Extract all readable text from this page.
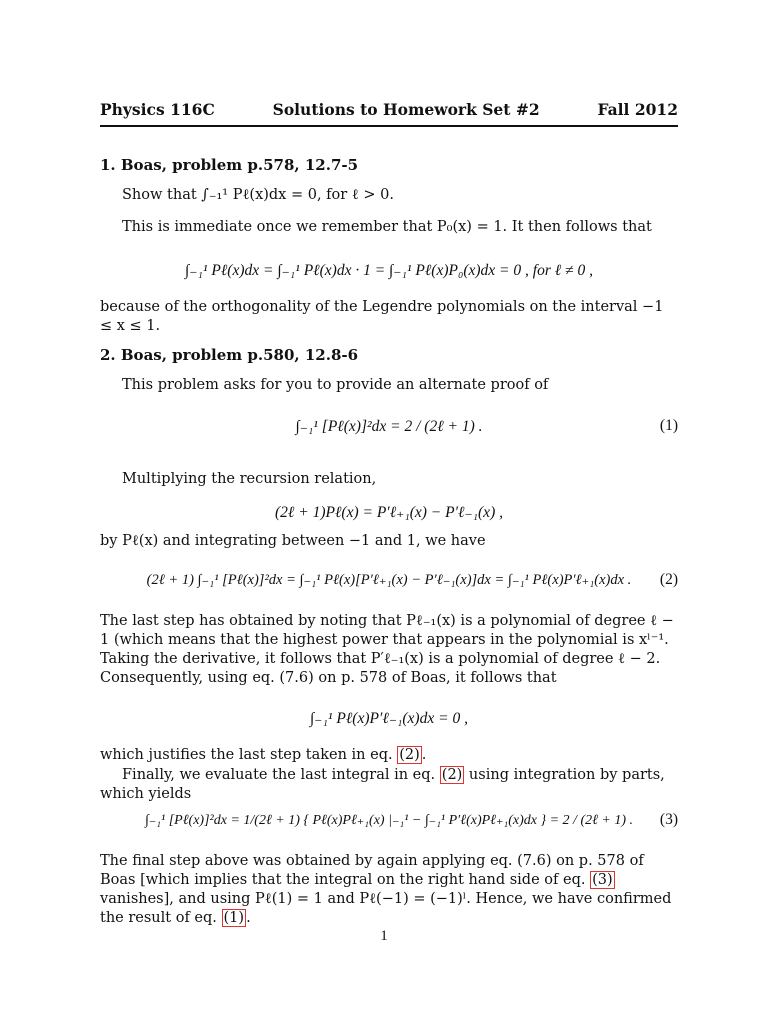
Physics 116C	Solutions to Homework Set #2	Fall 2012
1. Boas, problem p.578, 12.7-5
Show that ∫₋₁¹ Pℓ(x)dx = 0, for ℓ > 0.
This is immediate once we remember that P₀(x) = 1. It then follows that
∫₋₁¹ Pℓ(x)dx = ∫₋₁¹ Pℓ(x)dx · 1 = ∫₋₁¹ Pℓ(x)P₀(x)dx = 0 , for ℓ ≠ 0 ,
because of the orthogonality of the Legendre polynomials on the interval −1 ≤ x ≤ 1.
2. Boas, problem p.580, 12.8-6
This problem asks for you to provide an alternate proof of
∫₋₁¹ [Pℓ(x)]²dx = 2 / (2ℓ + 1) .	(1)
Multiplying the recursion relation,
(2ℓ + 1)Pℓ(x) = P′ℓ₊₁(x) − P′ℓ₋₁(x) ,
by Pℓ(x) and integrating between −1 and 1, we have
(2ℓ + 1) ∫₋₁¹ [Pℓ(x)]²dx = ∫₋₁¹ Pℓ(x)[P′ℓ₊₁(x) − P′ℓ₋₁(x)]dx = ∫₋₁¹ Pℓ(x)P′ℓ₊₁(x)dx . (2)
The last step has obtained by noting that Pℓ₋₁(x) is a polynomial of degree ℓ − 1 (which means that the highest power that appears in the polynomial is xˡ⁻¹. Taking the derivative, it follows that P′ℓ₋₁(x) is a polynomial of degree ℓ − 2. Consequently, using eq. (7.6) on p. 578 of Boas, it follows that
∫₋₁¹ Pℓ(x)P′ℓ₋₁(x)dx = 0 ,
which justifies the last step taken in eq. (2) .
Finally, we evaluate the last integral in eq. (2) using integration by parts, which yields
∫₋₁¹ [Pℓ(x)]²dx = 1/(2ℓ + 1) { Pℓ(x)Pℓ₊₁(x) |₋₁¹ − ∫₋₁¹ P′ℓ(x)Pℓ₊₁(x)dx } = 2 / (2ℓ + 1) . (3)
The final step above was obtained by again applying eq. (7.6) on p. 578 of Boas [which implies that the integral on the right hand side of eq. (3) vanishes], and using Pℓ(1) = 1 and Pℓ(−1) = (−1)ˡ. Hence, we have confirmed the result of eq. (1) .
1
